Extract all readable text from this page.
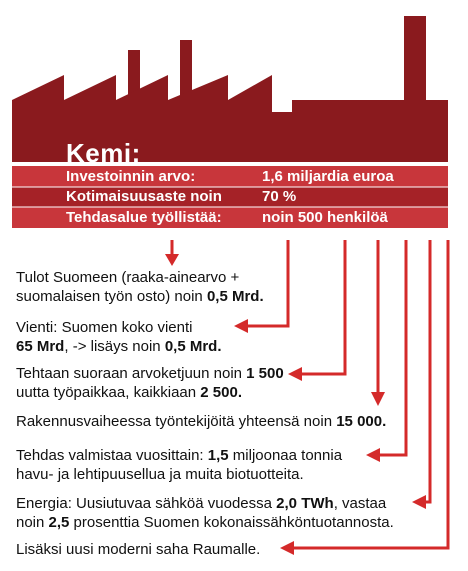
Kemi:
Investoinnin arvo:	1,6 miljardia euroa
Kotimaisuusaste noin	70 %
Tehdasalue työllistää:	noin 500 henkilöä
Tulot Suomeen (raaka-ainearvo +
suomalaisen työn osto) noin 0,5 Mrd.
Vienti: Suomen koko vienti
65 Mrd, -> lisäys noin 0,5 Mrd.
Tehtaan suoraan arvoketjuun noin 1 500
uutta työpaikkaa, kaikkiaan 2 500.
Rakennusvaiheessa työntekijöitä yhteensä noin 15 000.
Tehdas valmistaa vuosittain: 1,5 miljoonaa tonnia
havu- ja lehtipuusellua ja muita biotuotteita.
Energia: Uusiutuvaa sähköä vuodessa 2,0 TWh, vastaa
noin 2,5 prosenttia Suomen kokonaissähköntuotannosta.
Lisäksi uusi moderni saha Raumalle.
